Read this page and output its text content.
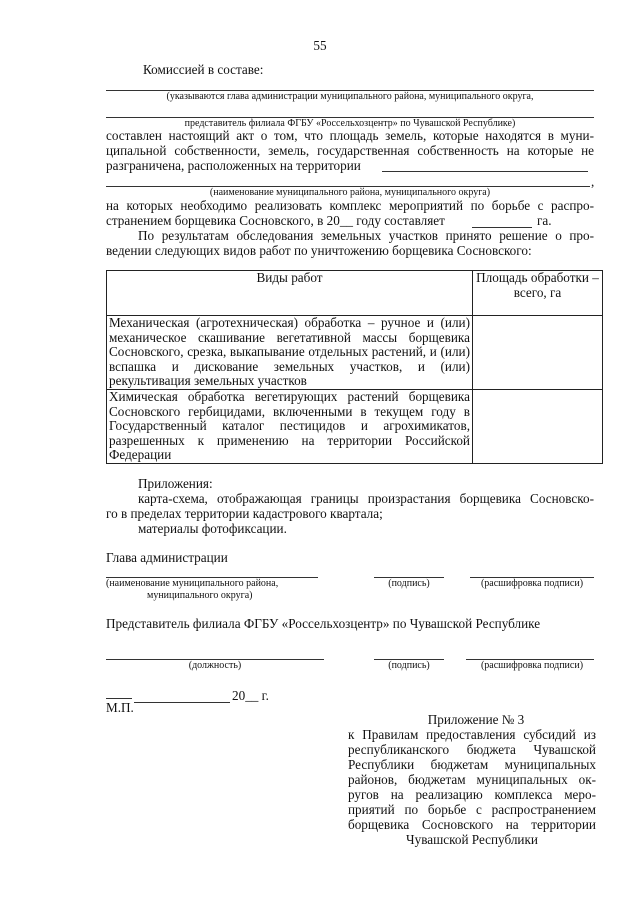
55
Комиссией в составе:
(указываются глава администрации муниципального района, муниципального округа,
представитель филиала ФГБУ «Россельхозцентр» по Чувашской Республике)
составлен настоящий акт о том, что площадь земель, которые находятся в муни-
ципальной собственности, земель, государственная собственность на которые не
разграничена, расположенных на территории
,
(наименование муниципального района, муниципального округа)
на которых необходимо реализовать комплекс мероприятий по борьбе с распро-
странением борщевика Сосновского, в 20__ году составляет	га.
По результатам обследования земельных участков принято решение о про-
ведении следующих видов работ по уничтожению борщевика Сосновского:
Виды работ	Площадь обработки – всего, га
Механическая (агротехническая) обработка – ручное и (или) механическое скашивание вегетативной массы борщевика Сосновского, срезка, выкапывание отдельных растений, и (или) вспашка и дискование земельных участков, и (или) рекультивация земельных участков	
Химическая обработка вегетирующих растений борщевика Сосновского гербицидами, включенными в текущем году в Государственный каталог пестицидов и агрохимикатов, разрешенных к применению на территории Российской Федерации	
Приложения:
карта-схема, отображающая границы произрастания борщевика Сосновско-
го в пределах территории кадастрового квартала;
материалы фотофиксации.
Глава администрации
(наименование муниципального района,
муниципального округа)
(подпись)	(расшифровка подписи)
Представитель филиала ФГБУ «Россельхозцентр» по Чувашской Республике
(должность)	(подпись)	(расшифровка подписи)
20__ г.
М.П.
Приложение № 3
к Правилам предоставления субсидий из
республиканского бюджета Чувашской
Республики бюджетам муниципальных
районов, бюджетам муниципальных ок-
ругов на реализацию комплекса меро-
приятий по борьбе с распространением
борщевика Сосновского на территории
Чувашской Республики
